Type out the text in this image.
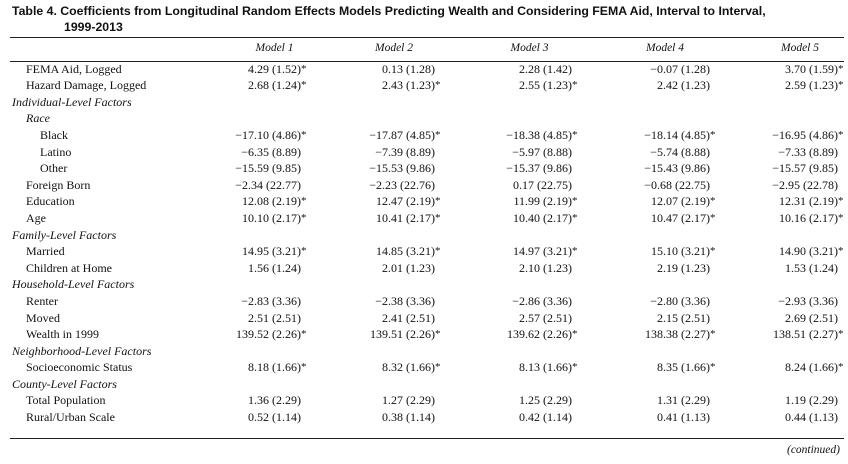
Table 4. Coefficients from Longitudinal Random Effects Models Predicting Wealth and Considering FEMA Aid, Interval to Interval,
1999-2013
	Model 1	Model 2	Model 3	Model 4	Model 5
FEMA Aid, Logged	4.29 (1.52)*	0.13 (1.28)	2.28 (1.42)	−0.07 (1.28)	3.70 (1.59)*
Hazard Damage, Logged	2.68 (1.24)*	2.43 (1.23)*	2.55 (1.23)*	2.42 (1.23)	2.59 (1.23)*
Individual-Level Factors					
Race					
Black	−17.10 (4.86)*	−17.87 (4.85)*	−18.38 (4.85)*	−18.14 (4.85)*	−16.95 (4.86)*
Latino	−6.35 (8.89)	−7.39 (8.89)	−5.97 (8.88)	−5.74 (8.88)	−7.33 (8.89)
Other	−15.59 (9.85)	−15.53 (9.86)	−15.37 (9.86)	−15.43 (9.86)	−15.57 (9.85)
Foreign Born	−2.34 (22.77)	−2.23 (22.76)	0.17 (22.75)	−0.68 (22.75)	−2.95 (22.78)
Education	12.08 (2.19)*	12.47 (2.19)*	11.99 (2.19)*	12.07 (2.19)*	12.31 (2.19)*
Age	10.10 (2.17)*	10.41 (2.17)*	10.40 (2.17)*	10.47 (2.17)*	10.16 (2.17)*
Family-Level Factors					
Married	14.95 (3.21)*	14.85 (3.21)*	14.97 (3.21)*	15.10 (3.21)*	14.90 (3.21)*
Children at Home	1.56 (1.24)	2.01 (1.23)	2.10 (1.23)	2.19 (1.23)	1.53 (1.24)
Household-Level Factors					
Renter	−2.83 (3.36)	−2.38 (3.36)	−2.86 (3.36)	−2.80 (3.36)	−2.93 (3.36)
Moved	2.51 (2.51)	2.41 (2.51)	2.57 (2.51)	2.15 (2.51)	2.69 (2.51)
Wealth in 1999	139.52 (2.26)*	139.51 (2.26)*	139.62 (2.26)*	138.38 (2.27)*	138.51 (2.27)*
Neighborhood-Level Factors					
Socioeconomic Status	8.18 (1.66)*	8.32 (1.66)*	8.13 (1.66)*	8.35 (1.66)*	8.24 (1.66)*
County-Level Factors					
Total Population	1.36 (2.29)	1.27 (2.29)	1.25 (2.29)	1.31 (2.29)	1.19 (2.29)
Rural/Urban Scale	0.52 (1.14)	0.38 (1.14)	0.42 (1.14)	0.41 (1.13)	0.44 (1.13)
(continued)
